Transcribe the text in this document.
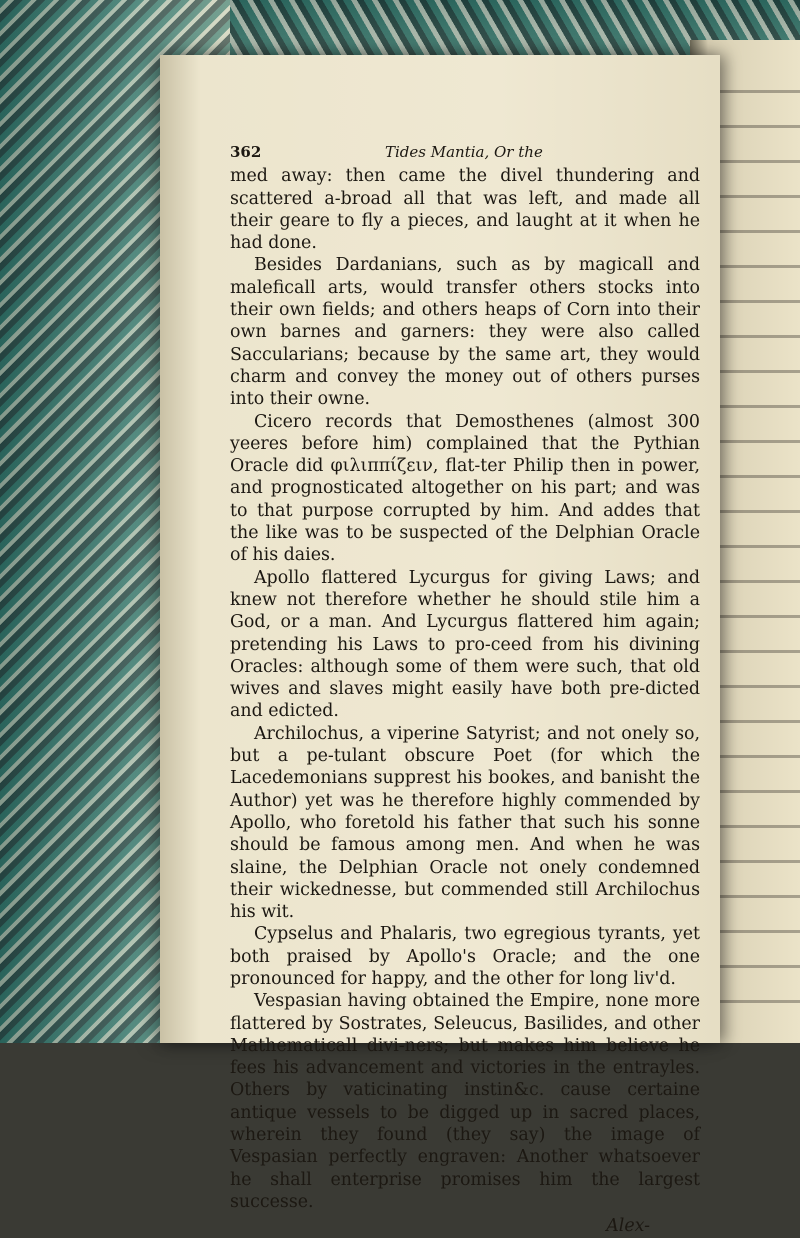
362	Tides Mantia, Or the

med away: then came the divel thundering and scattered a-broad all that was left, and made all their geare to fly a pieces, and laught at it when he had done.

Besides Dardanians, such as by magicall and maleficall arts, would transfer others stocks into their own fields; and others heaps of Corn into their own barnes and garners: they were also called Saccularians; because by the same art, they would charm and convey the money out of others purses into their owne.

Cicero records that Demosthenes (almost 300 yeeres before him) complained that the Pythian Oracle did φιλιππίζειν, flat-ter Philip then in power, and prognosticated altogether on his part; and was to that purpose corrupted by him. And addes that the like was to be suspected of the Delphian Oracle of his daies.

Apollo flattered Lycurgus for giving Laws; and knew not therefore whether he should stile him a God, or a man. And Lycurgus flattered him again; pretending his Laws to pro-ceed from his divining Oracles: although some of them were such, that old wives and slaves might easily have both pre-dicted and edicted.

Archilochus, a viperine Satyrist; and not onely so, but a pe-tulant obscure Poet (for which the Lacedemonians supprest his bookes, and banisht the Author) yet was he therefore highly commended by Apollo, who foretold his father that such his sonne should be famous among men. And when he was slaine, the Delphian Oracle not onely condemned their wickednesse, but commended still Archilochus his wit.

Cypselus and Phalaris, two egregious tyrants, yet both praised by Apollo's Oracle; and the one pronounced for happy, and the other for long liv'd.

Vespasian having obtained the Empire, none more flattered by Sostrates, Seleucus, Basilides, and other Mathematicall divi-ners; but makes him believe he fees his advancement and victories in the entrayles. Others by vaticinating instin&c. cause certaine antique vessels to be digged up in sacred places, wherein they found (they say) the image of Vespasian perfectly engraven: Another whatsoever he shall enterprise promises him the largest successe.

Alex-
